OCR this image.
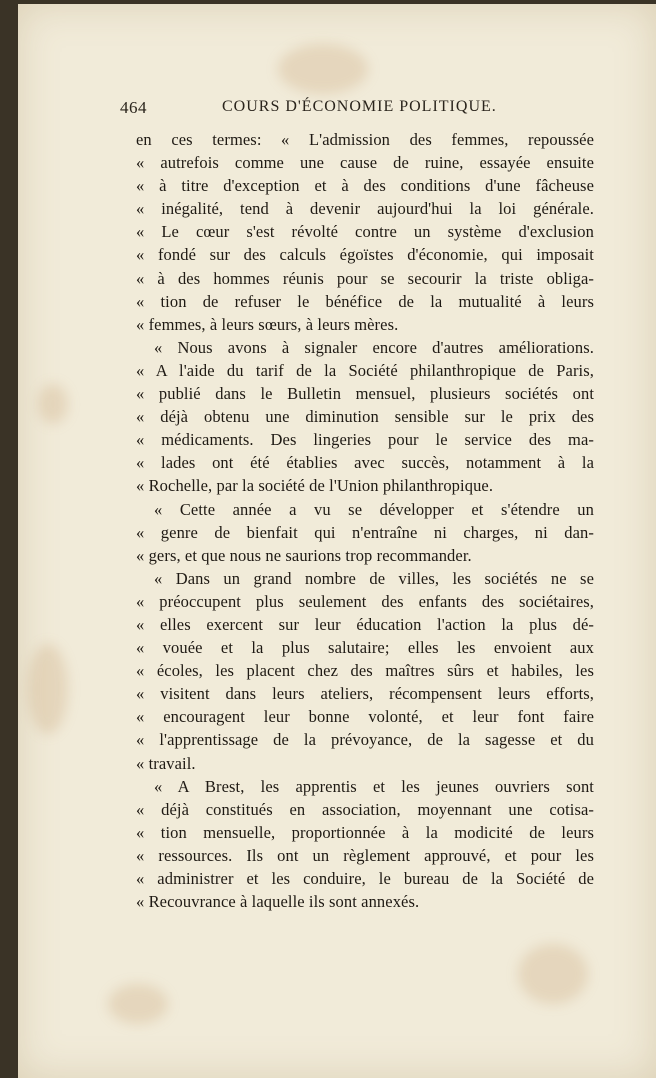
464	COURS D'ÉCONOMIE POLITIQUE.
en ces termes: « L'admission des femmes, repoussée
« autrefois comme une cause de ruine, essayée ensuite
« à titre d'exception et à des conditions d'une fâcheuse
« inégalité, tend à devenir aujourd'hui la loi générale.
« Le cœur s'est révolté contre un système d'exclusion
« fondé sur des calculs égoïstes d'économie, qui imposait
« à des hommes réunis pour se secourir la triste obliga-
« tion de refuser le bénéfice de la mutualité à leurs
« femmes, à leurs sœurs, à leurs mères.
« Nous avons à signaler encore d'autres améliorations.
« A l'aide du tarif de la Société philanthropique de Paris,
« publié dans le Bulletin mensuel, plusieurs sociétés ont
« déjà obtenu une diminution sensible sur le prix des
« médicaments. Des lingeries pour le service des ma-
« lades ont été établies avec succès, notamment à la
« Rochelle, par la société de l'Union philanthropique.
« Cette année a vu se développer et s'étendre un
« genre de bienfait qui n'entraîne ni charges, ni dan-
« gers, et que nous ne saurions trop recommander.
« Dans un grand nombre de villes, les sociétés ne se
« préoccupent plus seulement des enfants des sociétaires,
« elles exercent sur leur éducation l'action la plus dé-
« vouée et la plus salutaire; elles les envoient aux
« écoles, les placent chez des maîtres sûrs et habiles, les
« visitent dans leurs ateliers, récompensent leurs efforts,
« encouragent leur bonne volonté, et leur font faire
« l'apprentissage de la prévoyance, de la sagesse et du
« travail.
« A Brest, les apprentis et les jeunes ouvriers sont
« déjà constitués en association, moyennant une cotisa-
« tion mensuelle, proportionnée à la modicité de leurs
« ressources. Ils ont un règlement approuvé, et pour les
« administrer et les conduire, le bureau de la Société de
« Recouvrance à laquelle ils sont annexés.
